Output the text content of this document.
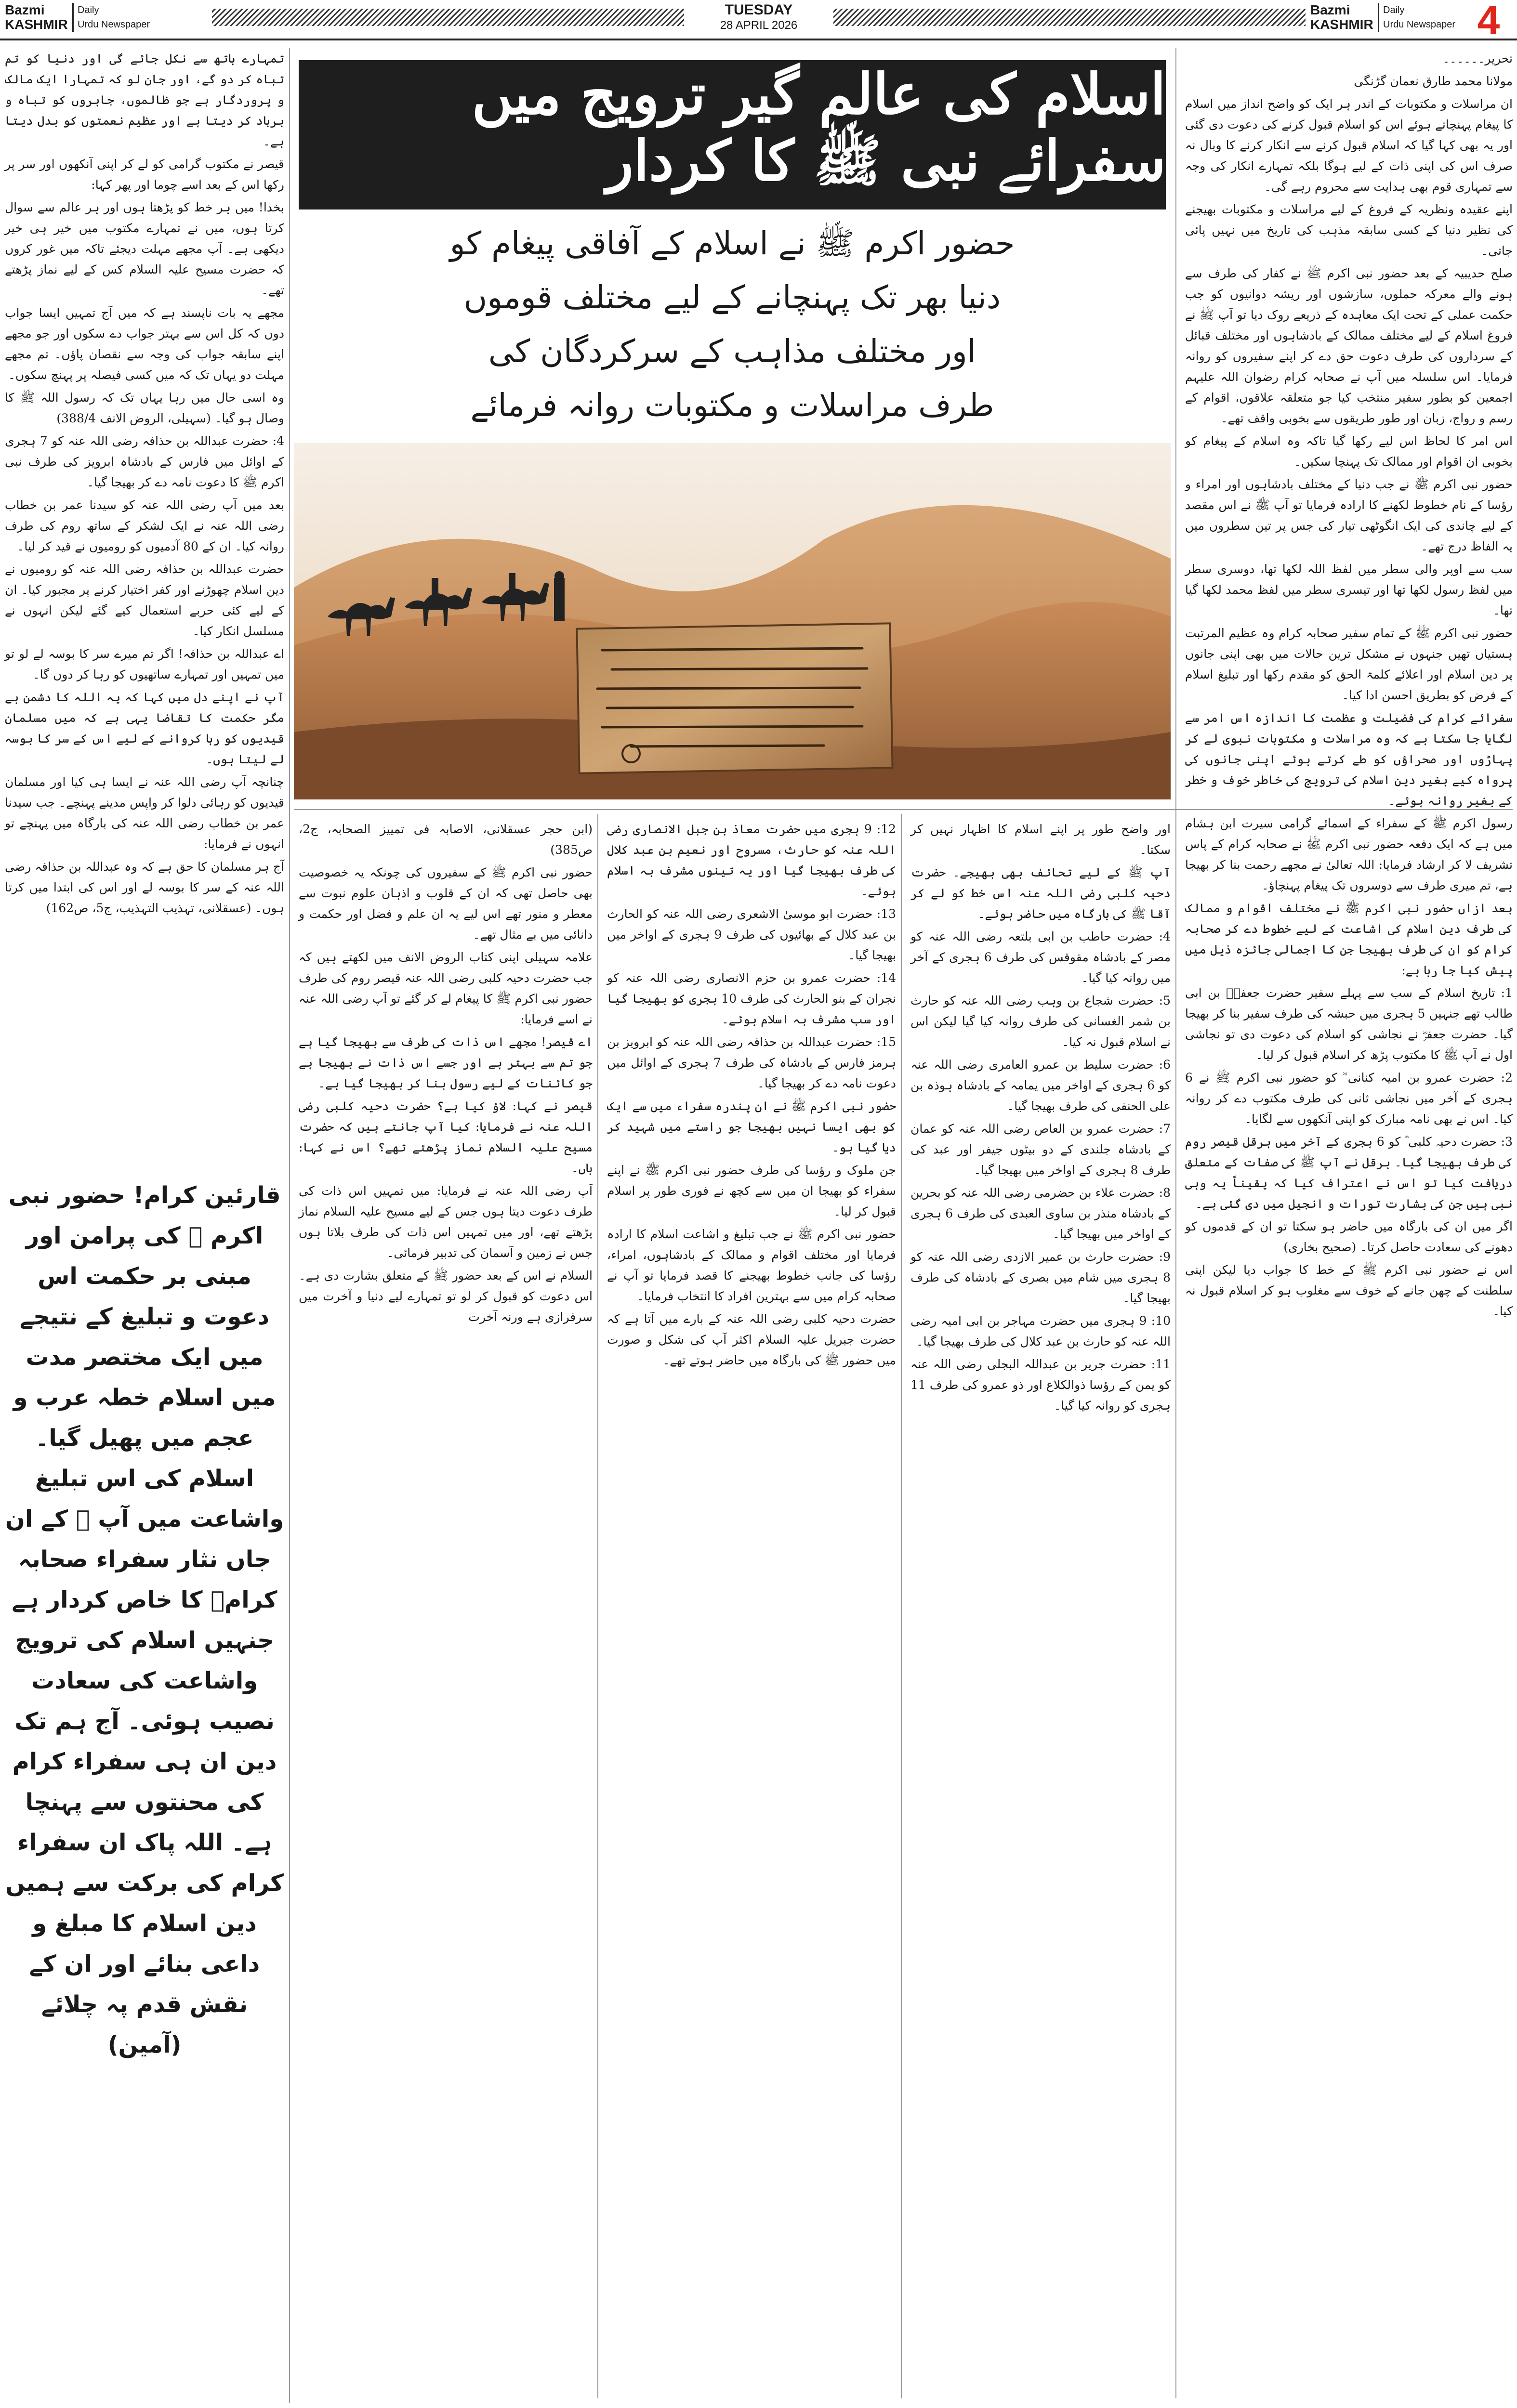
Bazmi
KASHMIR
Daily
Urdu Newspaper
TUESDAY
28 APRIL 2026
Bazmi
KASHMIR
Daily
Urdu Newspaper 4
اسلام کی عالم گیر ترویج میں سفرائے نبی ﷺ کا کردار
حضور اکرم ﷺ نے اسلام کے آفاقی پیغام کو
دنیا بھر تک پہنچانے کے لیے مختلف قوموں
اور مختلف مذاہب کے سرکردگان کی
طرف مراسلات و مکتوبات روانہ فرمائے

تحریر۔۔۔۔۔۔

مولانا محمد طارق نعمان گڑنگی

ان مراسلات و مکتوبات کے اندر ہر ایک کو واضح انداز میں اسلام کا پیغام پہنچاتے ہوئے اس کو اسلام قبول کرنے کی دعوت دی گئی اور یہ بھی کہا گیا کہ اسلام قبول کرنے سے انکار کرنے کا وبال نہ صرف اس کی اپنی ذات کے لیے ہوگا بلکہ تمہارے انکار کی وجہ سے تمہاری قوم بھی ہدایت سے محروم رہے گی۔

اپنے عقیدہ ونظریہ کے فروغ کے لیے مراسلات و مکتوبات بھیجنے کی نظیر دنیا کے کسی سابقہ مذہب کی تاریخ میں نہیں پائی جاتی۔

صلح حدیبیہ کے بعد حضور نبی اکرم ﷺ نے کفار کی طرف سے ہونے والے معرکہ حملوں، سازشوں اور ریشہ دوانیوں کو جب حکمت عملی کے تحت ایک معاہدہ کے ذریعے روک دیا تو آپ ﷺ نے فروغ اسلام کے لیے مختلف ممالک کے بادشاہوں اور مختلف قبائل کے سرداروں کی طرف دعوت حق دے کر اپنے سفیروں کو روانہ فرمایا۔ اس سلسلہ میں آپ نے صحابہ کرام رضوان اللہ علیہم اجمعین کو بطور سفیر منتخب کیا جو متعلقہ علاقوں، اقوام کے رسم و رواج، زبان اور طور طریقوں سے بخوبی واقف تھے۔

اس امر کا لحاظ اس لیے رکھا گیا تاکہ وہ اسلام کے پیغام کو بخوبی ان اقوام اور ممالک تک پہنچا سکیں۔

حضور نبی اکرم ﷺ نے جب دنیا کے مختلف بادشاہوں اور امراء و رؤسا کے نام خطوط لکھنے کا ارادہ فرمایا تو آپ ﷺ نے اس مقصد کے لیے چاندی کی ایک انگوٹھی تیار کی جس پر تین سطروں میں یہ الفاظ درج تھے۔

سب سے اوپر والی سطر میں لفظ اللہ لکھا تھا، دوسری سطر میں لفظ رسول لکھا تھا اور تیسری سطر میں لفظ محمد لکھا گیا تھا۔

حضور نبی اکرم ﷺ کے تمام سفیر صحابہ کرام وہ عظیم المرتبت ہستیاں تھیں جنہوں نے مشکل ترین حالات میں بھی اپنی جانوں پر دین اسلام اور اعلائے کلمۃ الحق کو مقدم رکھا اور تبلیغ اسلام کے فرض کو بطریق احسن ادا کیا۔

سفرائے کرام کی فضیلت و عظمت کا اندازہ اس امر سے لگایا جا سکتا ہے کہ وہ مراسلات و مکتوبات نبوی لے کر پہاڑوں اور صحراؤں کو طے کرتے ہوئے اپنی جانوں کی پرواہ کیے بغیر دین اسلام کی ترویج کی خاطر خوف و خطر کے بغیر روانہ ہوئے۔

رسول اکرم ﷺ کے سفراء کے اسمائے گرامی سیرت ابن ہشام میں ہے کہ ایک دفعہ حضور نبی اکرم ﷺ نے صحابہ کرام کے پاس تشریف لا کر ارشاد فرمایا: اللہ تعالیٰ نے مجھے رحمت بنا کر بھیجا ہے، تم میری طرف سے دوسروں تک پیغام پہنچاؤ۔

بعد ازاں حضور نبی اکرم ﷺ نے مختلف اقوام و ممالک کی طرف دین اسلام کی اشاعت کے لیے خطوط دے کر صحابہ کرام کو ان کی طرف بھیجا جن کا اجمالی جائزہ ذیل میں پیش کیا جا رہا ہے:

1: تاریخ اسلام کے سب سے پہلے سفیر حضرت جعفرؓ بن ابی طالب تھے جنہیں 5 ہجری میں حبشہ کی طرف سفیر بنا کر بھیجا گیا۔ حضرت جعفرؓ نے نجاشی کو اسلام کی دعوت دی تو نجاشی اول نے آپ ﷺ کا مکتوب پڑھ کر اسلام قبول کر لیا۔

2: حضرت عمرو بن امیہ کنانی ؓ کو حضور نبی اکرم ﷺ نے 6 ہجری کے آخر میں نجاشی ثانی کی طرف مکتوب دے کر روانہ کیا۔ اس نے بھی نامہ مبارک کو اپنی آنکھوں سے لگایا۔

3: حضرت دحیہ کلبی ؓ کو 6 ہجری کے آخر میں ہرقل قیصر روم کی طرف بھیجا گیا۔ ہرقل نے آپ ﷺ کی صفات کے متعلق دریافت کیا تو اس نے اعتراف کیا کہ یقیناً یہ وہی نبی ہیں جن کی بشارت تورات و انجیل میں دی گئی ہے۔

اگر میں ان کی بارگاہ میں حاضر ہو سکتا تو ان کے قدموں کو دھونے کی سعادت حاصل کرتا۔ (صحیح بخاری)

اس نے حضور نبی اکرم ﷺ کے خط کا جواب دیا لیکن اپنی سلطنت کے چھن جانے کے خوف سے مغلوب ہو کر اسلام قبول نہ کیا۔

تمہارے ہاتھ سے نکل جائے گی اور دنیا کو تم تباہ کر دو گے، اور جان لو کہ تمہارا ایک مالک و پروردگار ہے جو ظالموں، جابروں کو تباہ و برباد کر دیتا ہے اور عظیم نعمتوں کو بدل دیتا ہے۔

قیصر نے مکتوب گرامی کو لے کر اپنی آنکھوں اور سر پر رکھا اس کے بعد اسے چوما اور پھر کہا:

بخدا! میں ہر خط کو پڑھتا ہوں اور ہر عالم سے سوال کرتا ہوں، میں نے تمہارے مکتوب میں خیر ہی خیر دیکھی ہے۔ آپ مجھے مہلت دیجئے تاکہ میں غور کروں کہ حضرت مسیح علیہ السلام کس کے لیے نماز پڑھتے تھے۔

مجھے یہ بات ناپسند ہے کہ میں آج تمہیں ایسا جواب دوں کہ کل اس سے بہتر جواب دے سکوں اور جو مجھے اپنے سابقہ جواب کی وجہ سے نقصان پاؤں۔ تم مجھے مہلت دو یہاں تک کہ میں کسی فیصلہ پر پہنچ سکوں۔

وہ اسی حال میں رہا یہاں تک کہ رسول اللہ ﷺ کا وصال ہو گیا۔ (سہیلی، الروض الانف 388/4)

4: حضرت عبداللہ بن حذافہ رضی اللہ عنہ کو 7 ہجری کے اوائل میں فارس کے بادشاہ ابرویز کی طرف نبی اکرم ﷺ کا دعوت نامہ دے کر بھیجا گیا۔

بعد میں آپ رضی اللہ عنہ کو سیدنا عمر بن خطاب رضی اللہ عنہ نے ایک لشکر کے ساتھ روم کی طرف روانہ کیا۔ ان کے 80 آدمیوں کو رومیوں نے قید کر لیا۔

حضرت عبداللہ بن حذافہ رضی اللہ عنہ کو رومیوں نے دین اسلام چھوڑنے اور کفر اختیار کرنے پر مجبور کیا۔ ان کے لیے کئی حربے استعمال کیے گئے لیکن انہوں نے مسلسل انکار کیا۔

اے عبداللہ بن حذافہ! اگر تم میرے سر کا بوسہ لے لو تو میں تمہیں اور تمہارے ساتھیوں کو رہا کر دوں گا۔

آپ نے اپنے دل میں کہا کہ یہ اللہ کا دشمن ہے مگر حکمت کا تقاضا یہی ہے کہ میں مسلمان قیدیوں کو رہا کروانے کے لیے اس کے سر کا بوسہ لے لیتا ہوں۔

چنانچہ آپ رضی اللہ عنہ نے ایسا ہی کیا اور مسلمان قیدیوں کو رہائی دلوا کر واپس مدینے پہنچے۔ جب سیدنا عمر بن خطاب رضی اللہ عنہ کی بارگاہ میں پہنچے تو انہوں نے فرمایا:

آج ہر مسلمان کا حق ہے کہ وہ عبداللہ بن حذافہ رضی اللہ عنہ کے سر کا بوسہ لے اور اس کی ابتدا میں کرتا ہوں۔ (عسقلانی، تہذیب التہذیب، ج5، ص162)

قارئین کرام! حضور نبی اکرم ﷺ کی پرامن اور مبنی بر حکمت اس دعوت و تبلیغ کے نتیجے میں ایک مختصر مدت میں اسلام خطہ عرب و عجم میں پھیل گیا۔ اسلام کی اس تبلیغ واشاعت میں آپ ﷺ کے ان جاں نثار سفراء صحابہ کرامؓ کا خاص کردار ہے جنہیں اسلام کی ترویج واشاعت کی سعادت نصیب ہوئی۔ آج ہم تک دین ان ہی سفراء کرام کی محنتوں سے پہنچا ہے۔ اللہ پاک ان سفراء کرام کی برکت سے ہمیں دین اسلام کا مبلغ و داعی بنائے اور ان کے نقش قدم پہ چلائے (آمین)

اور واضح طور پر اپنے اسلام کا اظہار نہیں کر سکتا۔

آپ ﷺ کے لیے تحائف بھی بھیجے۔ حضرت دحیہ کلبی رضی اللہ عنہ اس خط کو لے کر آقا ﷺ کی بارگاہ میں حاضر ہوئے۔

4: حضرت حاطب بن ابی بلتعہ رضی اللہ عنہ کو مصر کے بادشاہ مقوقس کی طرف 6 ہجری کے آخر میں روانہ کیا گیا۔

5: حضرت شجاع بن وہب رضی اللہ عنہ کو حارث بن شمر الغسانی کی طرف روانہ کیا گیا لیکن اس نے اسلام قبول نہ کیا۔

6: حضرت سلیط بن عمرو العامری رضی اللہ عنہ کو 6 ہجری کے اواخر میں یمامہ کے بادشاہ ہوذہ بن علی الحنفی کی طرف بھیجا گیا۔

7: حضرت عمرو بن العاص رضی اللہ عنہ کو عمان کے بادشاہ جلندی کے دو بیٹوں جیفر اور عبد کی طرف 8 ہجری کے اواخر میں بھیجا گیا۔

8: حضرت علاء بن حضرمی رضی اللہ عنہ کو بحرین کے بادشاہ منذر بن ساوی العبدی کی طرف 6 ہجری کے اواخر میں بھیجا گیا۔

9: حضرت حارث بن عمیر الازدی رضی اللہ عنہ کو 8 ہجری میں شام میں بصری کے بادشاہ کی طرف بھیجا گیا۔

10: 9 ہجری میں حضرت مہاجر بن ابی امیہ رضی اللہ عنہ کو حارث بن عبد کلال کی طرف بھیجا گیا۔

11: حضرت جریر بن عبداللہ البجلی رضی اللہ عنہ کو یمن کے رؤسا ذوالکلاع اور ذو عمرو کی طرف 11 ہجری کو روانہ کیا گیا۔

12: 9 ہجری میں حضرت معاذ بن جبل الانصاری رضی اللہ عنہ کو حارث، مسروح اور نعیم بن عبد کلال کی طرف بھیجا گیا اور یہ تینوں مشرف بہ اسلام ہوئے۔

13: حضرت ابو موسیٰ الاشعری رضی اللہ عنہ کو الحارث بن عبد کلال کے بھائیوں کی طرف 9 ہجری کے اواخر میں بھیجا گیا۔

14: حضرت عمرو بن حزم الانصاری رضی اللہ عنہ کو نجران کے بنو الحارث کی طرف 10 ہجری کو بھیجا گیا اور سب مشرف بہ اسلام ہوئے۔

15: حضرت عبداللہ بن حذافہ رضی اللہ عنہ کو ابرویز بن ہرمز فارس کے بادشاہ کی طرف 7 ہجری کے اوائل میں دعوت نامہ دے کر بھیجا گیا۔

حضور نبی اکرم ﷺ نے ان پندرہ سفراء میں سے ایک کو بھی ایسا نہیں بھیجا جو راستے میں شہید کر دیا گیا ہو۔

جن ملوک و رؤسا کی طرف حضور نبی اکرم ﷺ نے اپنے سفراء کو بھیجا ان میں سے کچھ نے فوری طور پر اسلام قبول کر لیا۔

حضور نبی اکرم ﷺ نے جب تبلیغ و اشاعت اسلام کا ارادہ فرمایا اور مختلف اقوام و ممالک کے بادشاہوں، امراء، رؤسا کی جانب خطوط بھیجنے کا قصد فرمایا تو آپ نے صحابہ کرام میں سے بہترین افراد کا انتخاب فرمایا۔

حضرت دحیہ کلبی رضی اللہ عنہ کے بارے میں آتا ہے کہ حضرت جبریل علیہ السلام اکثر آپ کی شکل و صورت میں حضور ﷺ کی بارگاہ میں حاضر ہوتے تھے۔

(ابن حجر عسقلانی، الاصابہ فی تمییز الصحابہ، ج2، ص385)

حضور نبی اکرم ﷺ کے سفیروں کی چونکہ یہ خصوصیت بھی حاصل تھی کہ ان کے قلوب و اذہان علوم نبوت سے معطر و منور تھے اس لیے یہ ان علم و فضل اور حکمت و دانائی میں بے مثال تھے۔

علامہ سہیلی اپنی کتاب الروض الانف میں لکھتے ہیں کہ جب حضرت دحیہ کلبی رضی اللہ عنہ قیصر روم کی طرف حضور نبی اکرم ﷺ کا پیغام لے کر گئے تو آپ رضی اللہ عنہ نے اسے فرمایا:

اے قیصر! مجھے اس ذات کی طرف سے بھیجا گیا ہے جو تم سے بہتر ہے اور جسے اس ذات نے بھیجا ہے جو کائنات کے لیے رسول بنا کر بھیجا گیا ہے۔

قیصر نے کہا: لاؤ کیا ہے؟ حضرت دحیہ کلبی رضی اللہ عنہ نے فرمایا: کیا آپ جانتے ہیں کہ حضرت مسیح علیہ السلام نماز پڑھتے تھے؟ اس نے کہا: ہاں۔

آپ رضی اللہ عنہ نے فرمایا: میں تمہیں اس ذات کی طرف دعوت دیتا ہوں جس کے لیے مسیح علیہ السلام نماز پڑھتے تھے، اور میں تمہیں اس ذات کی طرف بلاتا ہوں جس نے زمین و آسمان کی تدبیر فرمائی۔

السلام نے اس کے بعد حضور ﷺ کے متعلق بشارت دی ہے۔ اس دعوت کو قبول کر لو تو تمہارے لیے دنیا و آخرت میں سرفرازی ہے ورنہ آخرت
